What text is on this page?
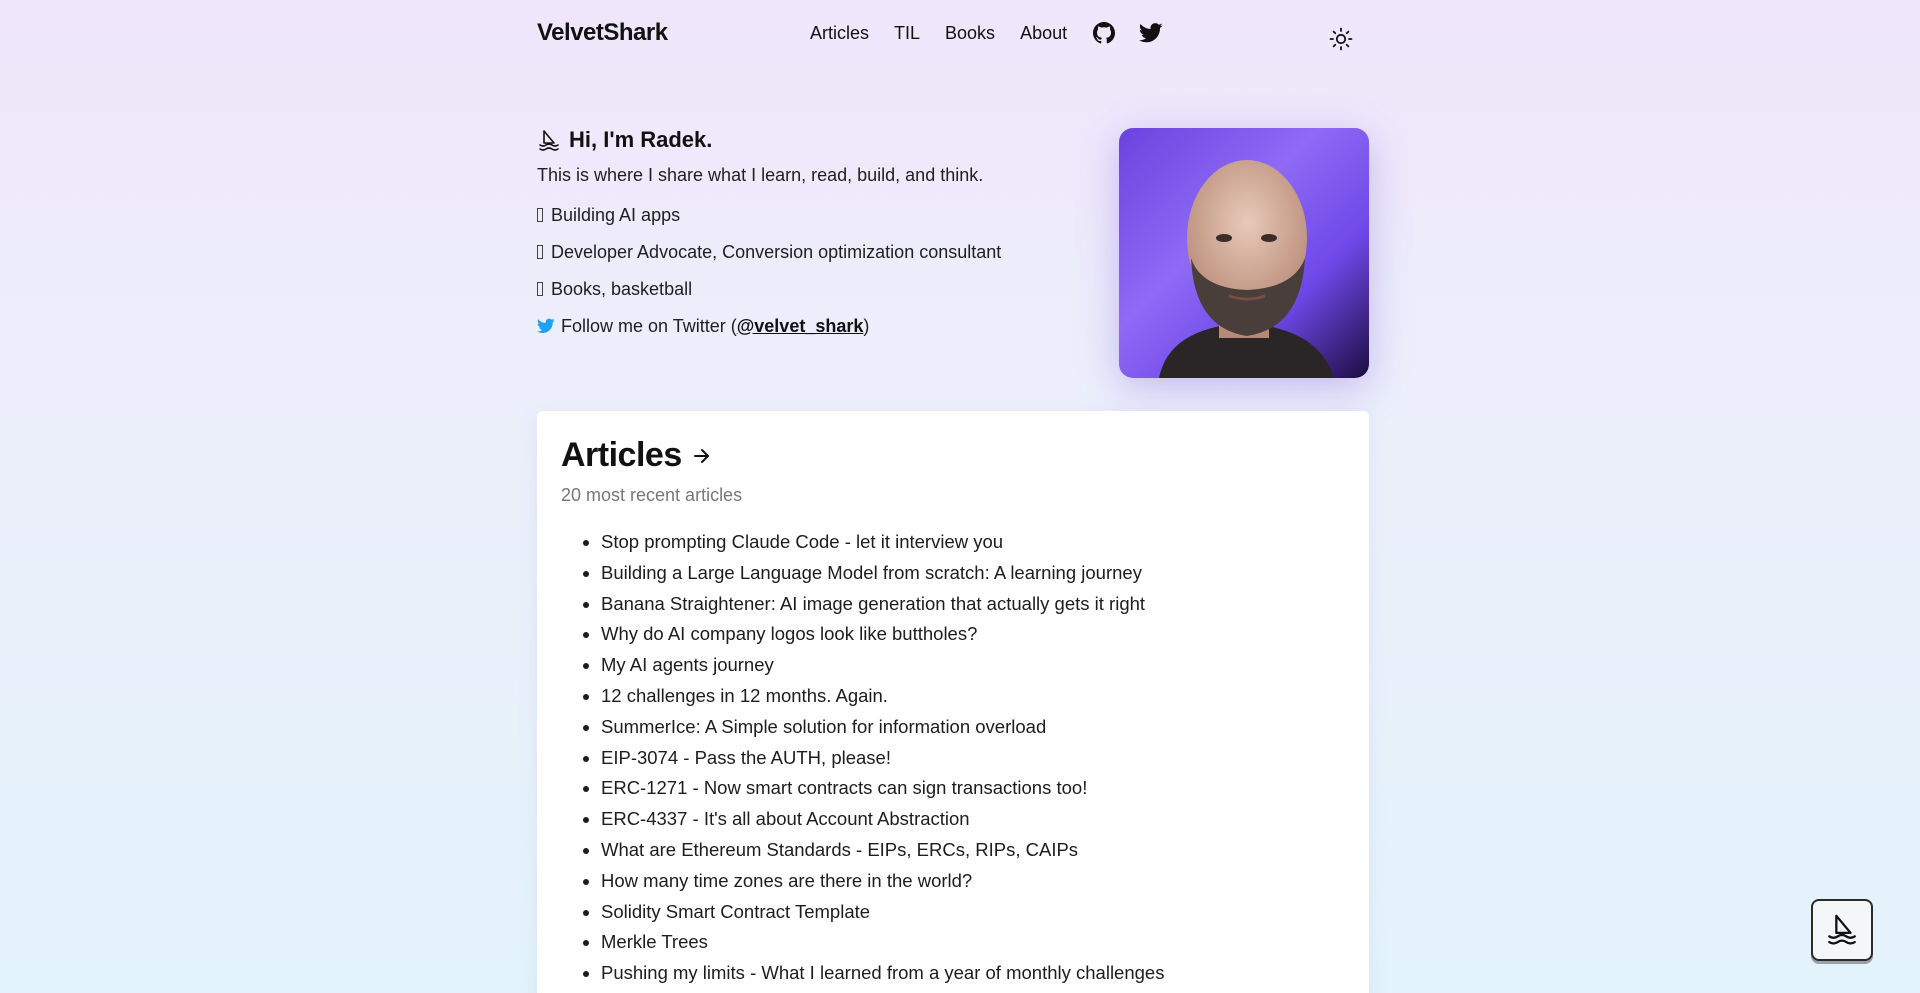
VelvetShark	Articles TIL Books About
Hi, I'm Radek.

This is where I share what I learn, read, build, and think.

Building AI apps
Developer Advocate, Conversion optimization consultant
Books, basketball
Follow me on Twitter ( @velvet_shark )
Articles

20 most recent articles

• Stop prompting Claude Code - let it interview you
• Building a Large Language Model from scratch: A learning journey
• Banana Straightener: AI image generation that actually gets it right
• Why do AI company logos look like buttholes?
• My AI agents journey
• 12 challenges in 12 months. Again.
• SummerIce: A Simple solution for information overload
• EIP-3074 - Pass the AUTH, please!
• ERC-1271 - Now smart contracts can sign transactions too!
• ERC-4337 - It's all about Account Abstraction
• What are Ethereum Standards - EIPs, ERCs, RIPs, CAIPs
• How many time zones are there in the world?
• Solidity Smart Contract Template
• Merkle Trees
• Pushing my limits - What I learned from a year of monthly challenges
